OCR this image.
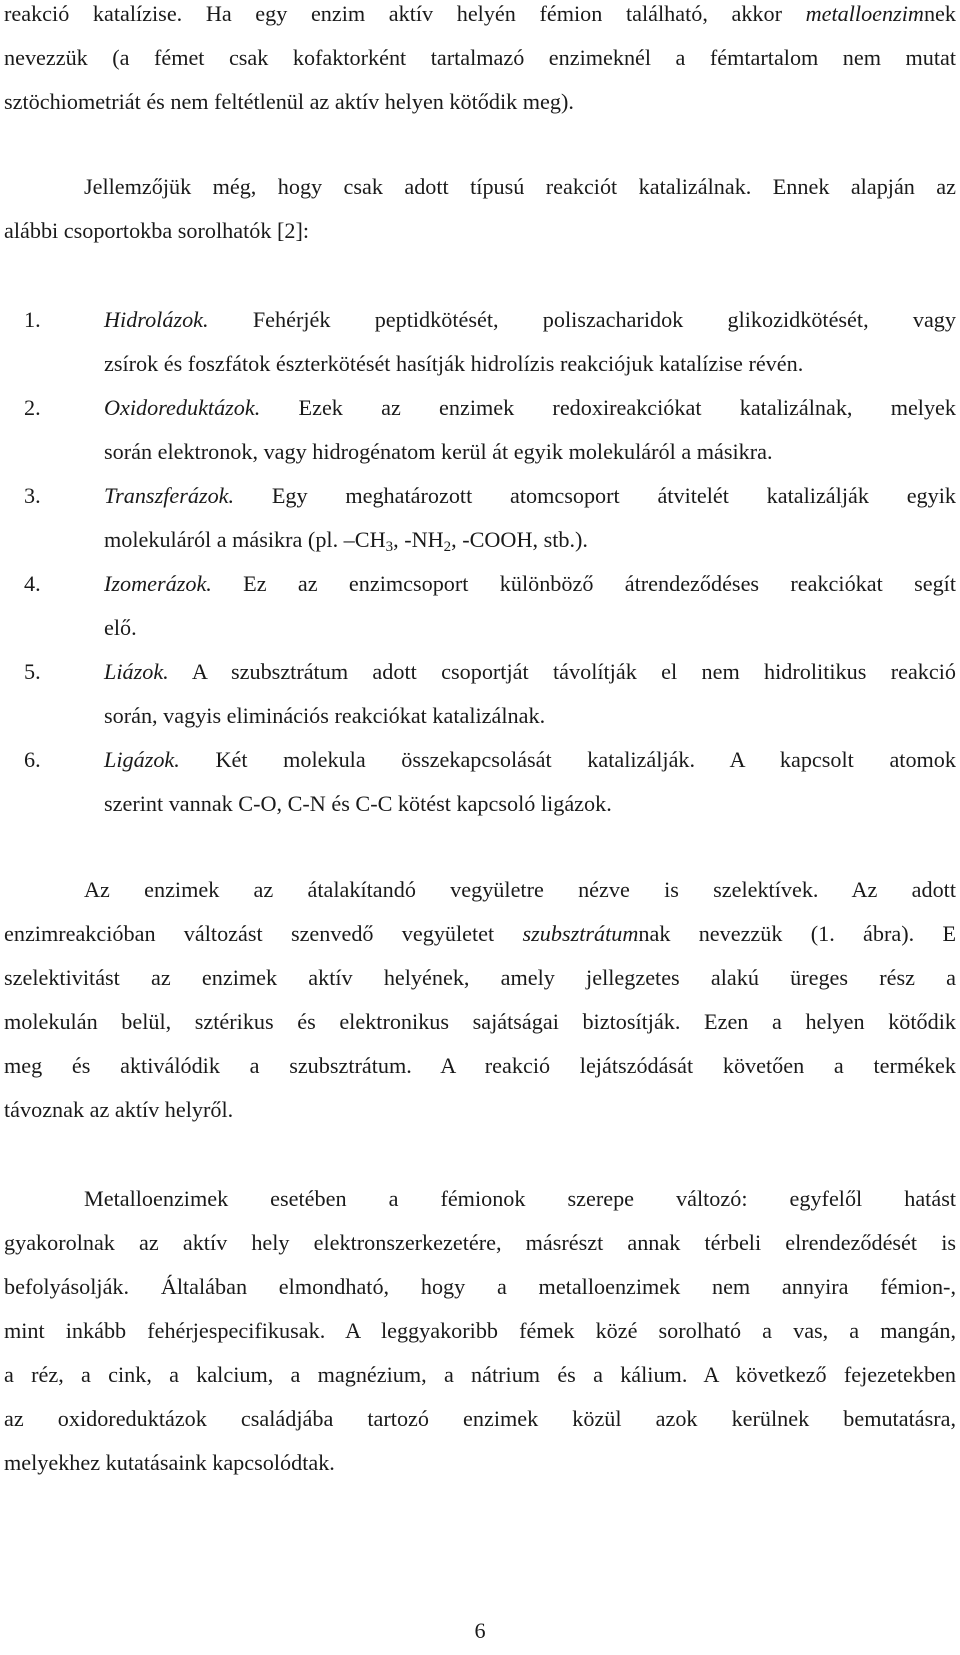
reakció katalízise. Ha egy enzim aktív helyén fémion található, akkor metalloenzimnek
nevezzük (a fémet csak kofaktorként tartalmazó enzimeknél a fémtartalom nem mutat
sztöchiometriát és nem feltétlenül az aktív helyen kötődik meg).
Jellemzőjük még, hogy csak adott típusú reakciót katalizálnak. Ennek alapján az
alábbi csoportokba sorolhatók [2]:
1.	Hidrolázok. Fehérjék peptidkötését, poliszacharidok glikozidkötését, vagy
zsírok és foszfátok észterkötését hasítják hidrolízis reakciójuk katalízise révén.
2.	Oxidoreduktázok. Ezek az enzimek redoxireakciókat katalizálnak, melyek
során elektronok, vagy hidrogénatom kerül át egyik molekuláról a másikra.
3.	Transzferázok. Egy meghatározott atomcsoport átvitelét katalizálják egyik
molekuláról a másikra (pl. $-CH_3$, $-NH_2$, -COOH, stb.).
4.	Izomerázok. Ez az enzimcsoport különböző átrendeződéses reakciókat segít
elő.
5.	Liázok. A szubsztrátum adott csoportját távolítják el nem hidrolitikus reakció
során, vagyis eliminációs reakciókat katalizálnak.
6.	Ligázok. Két molekula összekapcsolását katalizálják. A kapcsolt atomok
szerint vannak C-O, C-N és C-C kötést kapcsoló ligázok.
Az enzimek az átalakítandó vegyületre nézve is szelektívek. Az adott
enzimreakcióban változást szenvedő vegyületet szubsztrátumnak nevezzük (1. ábra). E
szelektivitást az enzimek aktív helyének, amely jellegzetes alakú üreges rész a
molekulán belül, sztérikus és elektronikus sajátságai biztosítják. Ezen a helyen kötődik
meg és aktiválódik a szubsztrátum. A reakció lejátszódását követően a termékek
távoznak az aktív helyről.
Metalloenzimek esetében a fémionok szerepe változó: egyfelől hatást
gyakorolnak az aktív hely elektronszerkezetére, másrészt annak térbeli elrendeződését is
befolyásolják. Általában elmondható, hogy a metalloenzimek nem annyira fémion-,
mint inkább fehérjespecifikusak. A leggyakoribb fémek közé sorolható a vas, a mangán,
a réz, a cink, a kalcium, a magnézium, a nátrium és a kálium. A következő fejezetekben
az oxidoreduktázok családjába tartozó enzimek közül azok kerülnek bemutatásra,
melyekhez kutatásaink kapcsolódtak.
6
